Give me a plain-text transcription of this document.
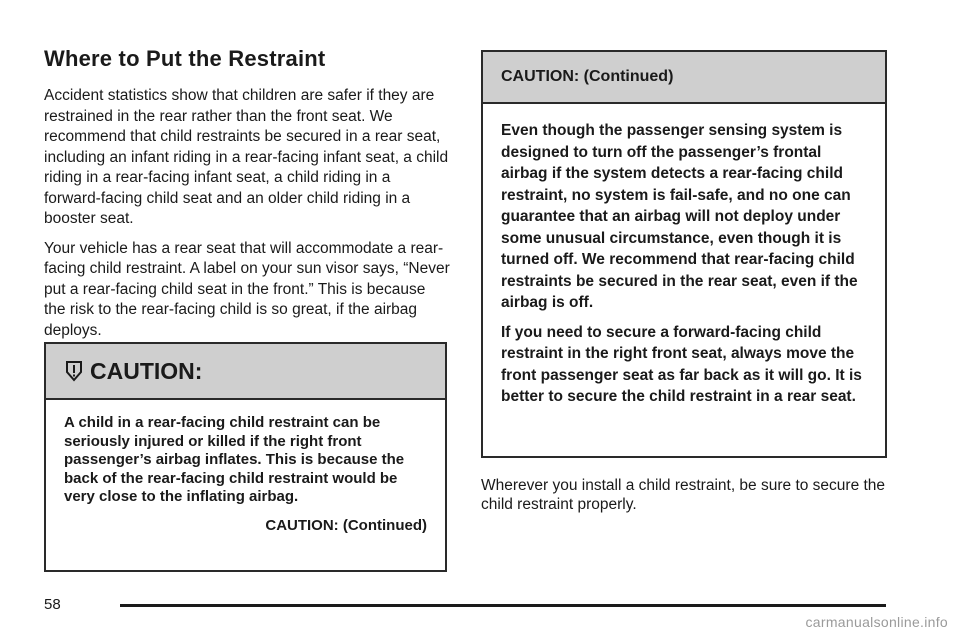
Where to Put the Restraint

Accident statistics show that children are safer if they are restrained in the rear rather than the front seat. We recommend that child restraints be secured in a rear seat, including an infant riding in a rear-facing infant seat, a child riding in a rear-facing infant seat, a child riding in a forward-facing child seat and an older child riding in a booster seat.

Your vehicle has a rear seat that will accommodate a rear-facing child restraint. A label on your sun visor says, “Never put a rear-facing child seat in the front.” This is because the risk to the rear-facing child is so great, if the airbag deploys.

CAUTION:

A child in a rear-facing child restraint can be seriously injured or killed if the right front passenger’s airbag inflates. This is because the back of the rear-facing child restraint would be very close to the inflating airbag.

CAUTION: (Continued)

CAUTION: (Continued)

Even though the passenger sensing system is designed to turn off the passenger’s frontal airbag if the system detects a rear-facing child restraint, no system is fail-safe, and no one can guarantee that an airbag will not deploy under some unusual circumstance, even though it is turned off. We recommend that rear-facing child restraints be secured in the rear seat, even if the airbag is off.

If you need to secure a forward-facing child restraint in the right front seat, always move the front passenger seat as far back as it will go. It is better to secure the child restraint in a rear seat.

Wherever you install a child restraint, be sure to secure the child restraint properly.

58
carmanualsonline.info
